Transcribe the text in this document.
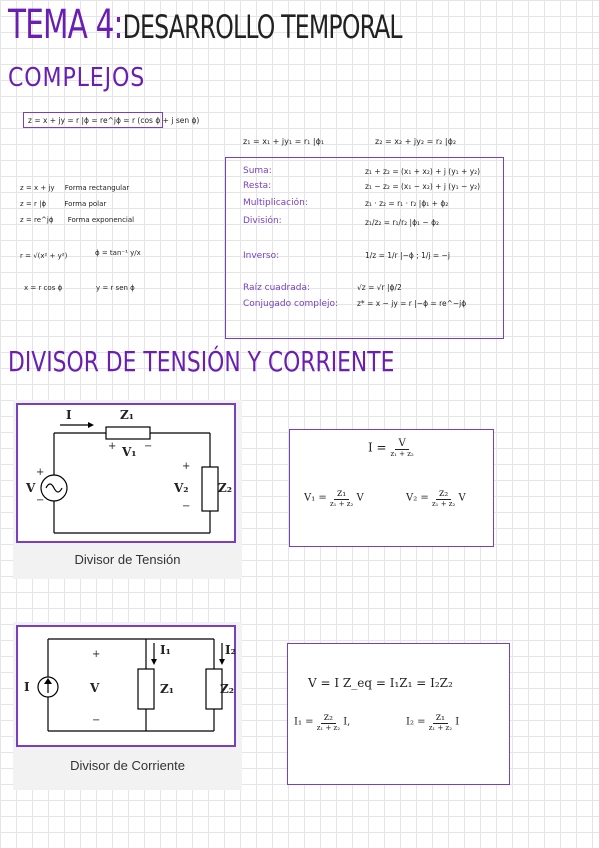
TEMA 4:DESARROLLO TEMPORAL
COMPLEJOS
z = x + jy = r |ϕ = re^jϕ = r (cos ϕ + j sen ϕ)
z₁ = x₁ + jy₁ = r₁ |ϕ₁	z₂ = x₂ + jy₂ = r₂ |ϕ₂
z = x + jy Forma rectangular
z = r |ϕ	Forma polar
z = re^jϕ Forma exponencial
r = √(x² + y²)	ϕ = tan⁻¹ y/x
x = r cos ϕ	y = r sen ϕ
Suma:	z₁ + z₂ = (x₁ + x₂) + j (y₁ + y₂)
Resta:	z₁ − z₂ = (x₁ − x₂) + j (y₁ − y₂)
Multiplicación:	z₁ · z₂ = r₁ · r₂ |ϕ₁ + ϕ₂
División:	z₁/z₂ = r₁/r₂ |ϕ₁ − ϕ₂
Inverso:	1/z = 1/r |−ϕ ; 1/j = −j
Raíz cuadrada:	√z = √r |ϕ/2
Conjugado complejo:	z* = x − jy = r |−ϕ = re^−jϕ
DIVISOR DE TENSIÓN Y CORRIENTE
I	Z₁
+ V₁ −
V
+
−
+
V₂
−
Z₂
Divisor de Tensión
$I = \frac{V}{\text{z₁ + z₂}}$
$V_1 = \frac{\text{z₁}}{\text{z₁ + z₂}}$ V	$V_2 = \frac{\text{z₂}}{\text{z₁ + z₂}}$ V
I
+
V
−
I₁
Z₁
I₂
Z₂
Divisor de Corriente
V = I Z_eq = I₁Z₁ = I₂Z₂
$I_1 = \frac{\text{z₂}}{\text{z₁ + z₂}} I$,	$I_2 = \frac{\text{z₁}}{\text{z₁ + z₂}}$ I
